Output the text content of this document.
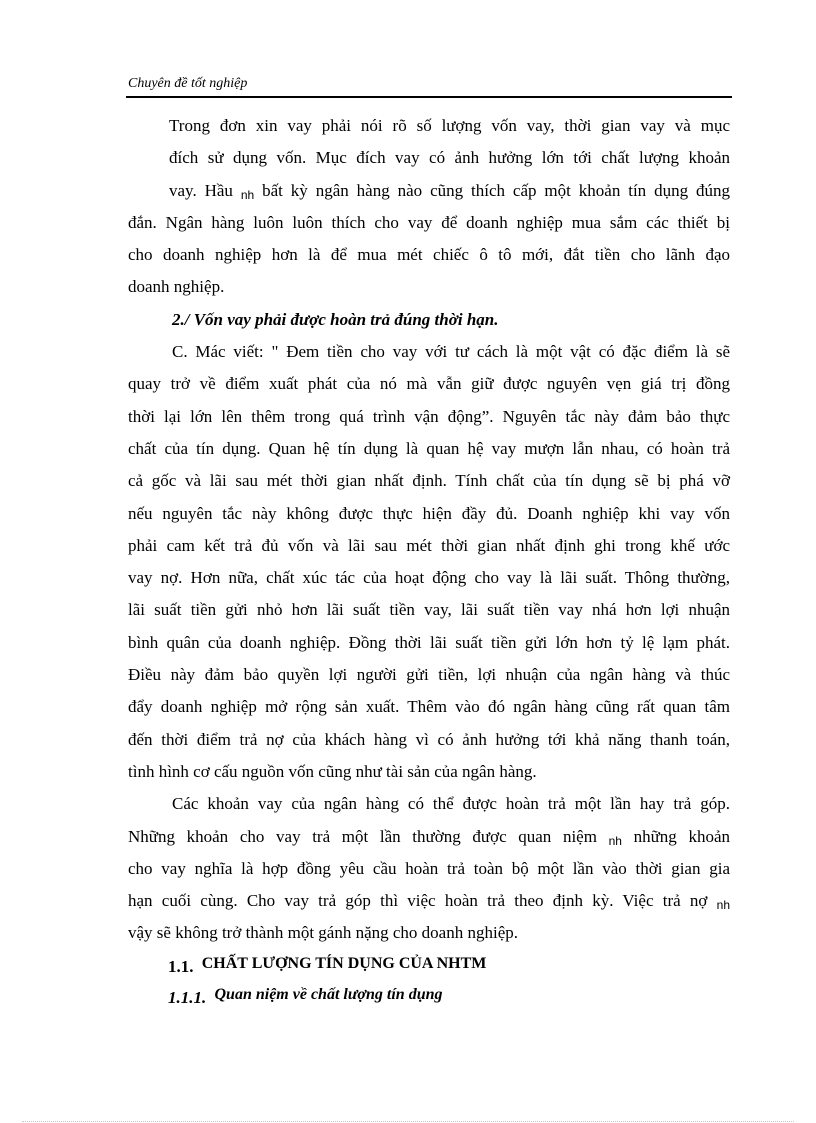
Chuyên đề tốt nghiệp
Trong đơn xin vay phải nói rõ số lượng vốn vay, thời gian vay và mục
đích sử dụng vốn. Mục đích vay có ảnh hưởng lớn tới chất lượng khoản
vay. Hầu nh bất kỳ ngân hàng nào cũng thích cấp một khoản tín dụng đúng
đắn. Ngân hàng luôn luôn thích cho vay để doanh nghiệp mua sắm các thiết bị
cho doanh nghiệp hơn là để mua mét chiếc ô tô mới, đắt tiền cho lãnh đạo
doanh nghiệp.
2./ Vốn vay phải được hoàn trả đúng thời hạn.
C. Mác viết: " Đem tiền cho vay với tư cách là một vật có đặc điểm là sẽ
quay trở về điểm xuất phát của nó mà vẫn giữ được nguyên vẹn giá trị đồng
thời lại lớn lên thêm trong quá trình vận động”. Nguyên tắc này đảm bảo thực
chất của tín dụng. Quan hệ tín dụng là quan hệ vay mượn lẫn nhau, có hoàn trả
cả gốc và lãi sau mét thời gian nhất định. Tính chất của tín dụng sẽ bị phá vỡ
nếu nguyên tắc này không được thực hiện đầy đủ. Doanh nghiệp khi vay vốn
phải cam kết trả đủ vốn và lãi sau mét thời gian nhất định ghi trong khế ước
vay nợ. Hơn nữa, chất xúc tác của hoạt động cho vay là lãi suất. Thông thường,
lãi suất tiền gửi nhỏ hơn lãi suất tiền vay, lãi suất tiền vay nhá hơn lợi nhuận
bình quân của doanh nghiệp. Đồng thời lãi suất tiền gửi lớn hơn tỷ lệ lạm phát.
Điều này đảm bảo quyền lợi người gửi tiền, lợi nhuận của ngân hàng và thúc
đẩy doanh nghiệp mở rộng sản xuất. Thêm vào đó ngân hàng cũng rất quan tâm
đến thời điểm trả nợ của khách hàng vì có ảnh hưởng tới khả năng thanh toán,
tình hình cơ cấu nguồn vốn cũng như tài sản của ngân hàng.
Các khoản vay của ngân hàng có thể được hoàn trả một lần hay trả góp.
Những khoản cho vay trả một lần thường được quan niệm nh những khoản
cho vay nghĩa là hợp đồng yêu cầu hoàn trả toàn bộ một lần vào thời gian gia
hạn cuối cùng. Cho vay trả góp thì việc hoàn trả theo định kỳ. Việc trả nợ nh
vậy sẽ không trở thành một gánh nặng cho doanh nghiệp.
1.1. CHẤT LƯỢNG TÍN DỤNG CỦA NHTM
1.1.1. Quan niệm về chất lượng tín dụng
